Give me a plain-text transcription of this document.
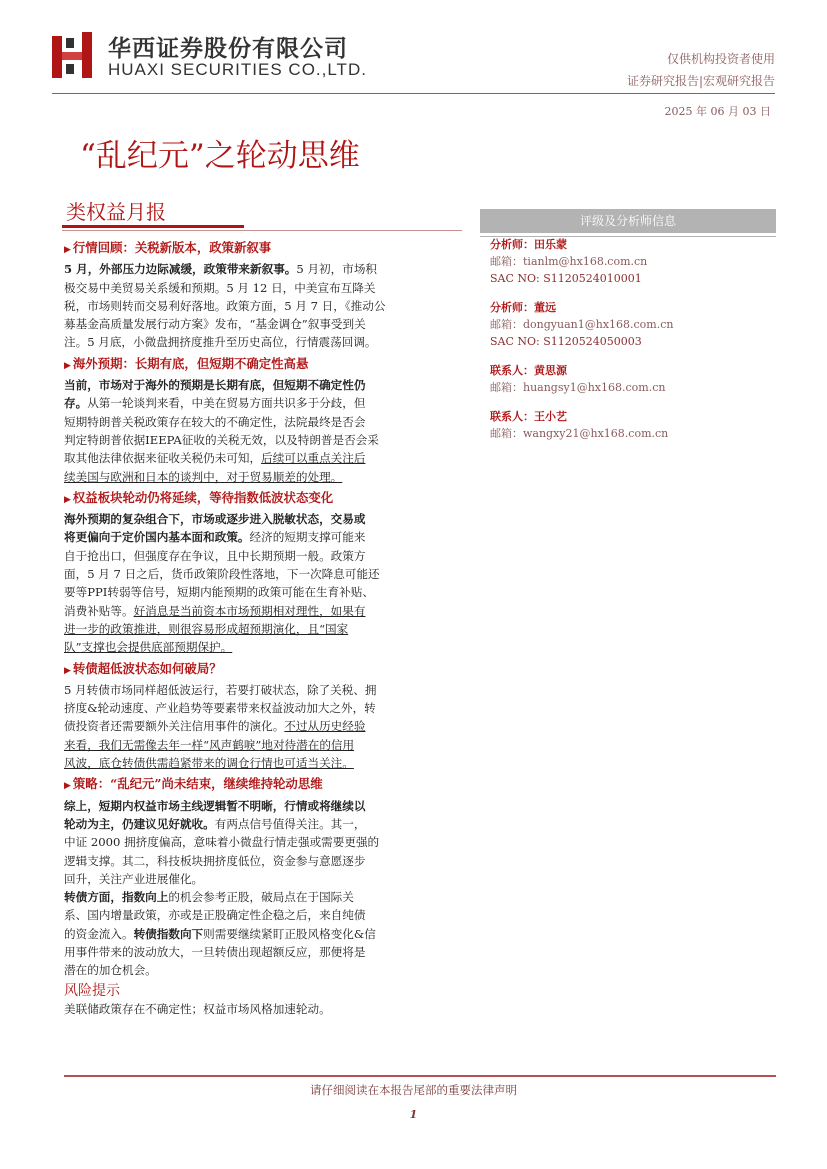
华西证券股份有限公司
HUAXI SECURITIES CO.,LTD.
仅供机构投资者使用
证券研究报告|宏观研究报告
2025 年 06 月 03 日
“乱纪元”之轮动思维
类权益月报
▶ 行情回顾：关税新版本，政策新叙事
5 月，外部压力边际减缓，政策带来新叙事。5 月初，市场积
极交易中美贸易关系缓和预期。5 月 12 日，中美宣布互降关
税，市场则转而交易利好落地。政策方面，5 月 7 日，《推动公
募基金高质量发展行动方案》发布，“基金调仓”叙事受到关
注。5 月底，小微盘拥挤度推升至历史高位，行情震荡回调。
▶ 海外预期：长期有底，但短期不确定性高悬
当前，市场对于海外的预期是长期有底，但短期不确定性仍
存。从第一轮谈判来看，中美在贸易方面共识多于分歧，但
短期特朗普关税政策存在较大的不确定性，法院最终是否会
判定特朗普依据IEEPA征收的关税无效，以及特朗普是否会采
取其他法律依据来征收关税仍未可知，后续可以重点关注后
续美国与欧洲和日本的谈判中，对于贸易顺差的处理。
▶ 权益板块轮动仍将延续，等待指数低波状态变化
海外预期的复杂组合下，市场或逐步进入脱敏状态，交易或
将更偏向于定价国内基本面和政策。经济的短期支撑可能来
自于抢出口，但强度存在争议，且中长期预期一般。政策方
面，5 月 7 日之后，货币政策阶段性落地，下一次降息可能还
要等PPI转弱等信号，短期内能预期的政策可能在生育补贴、
消费补贴等。好消息是当前资本市场预期相对理性，如果有
进一步的政策推进，则很容易形成超预期演化，且“国家
队”支撑也会提供底部预期保护。
▶ 转债超低波状态如何破局？
5 月转债市场同样超低波运行，若要打破状态，除了关税、拥
挤度&轮动速度、产业趋势等要素带来权益波动加大之外，转
债投资者还需要额外关注信用事件的演化。不过从历史经验
来看，我们无需像去年一样“风声鹤唳”地对待潜在的信用
风波，底仓转债供需趋紧带来的调仓行情也可适当关注。
▶ 策略：“乱纪元”尚未结束，继续维持轮动思维
综上，短期内权益市场主线逻辑暂不明晰，行情或将继续以
轮动为主，仍建议见好就收。有两点信号值得关注。其一，
中证 2000 拥挤度偏高，意味着小微盘行情走强或需要更强的
逻辑支撑。其二，科技板块拥挤度低位，资金参与意愿逐步
回升，关注产业进展催化。
转债方面，指数向上的机会参考正股，破局点在于国际关
系、国内增量政策，亦或是正股确定性企稳之后，来自纯债
的资金流入。转债指数向下则需要继续紧盯正股风格变化&信
用事件带来的波动放大，一旦转债出现超额反应，那便将是
潜在的加仓机会。
风险提示
美联储政策存在不确定性；权益市场风格加速轮动。
评级及分析师信息
分析师：田乐蒙
邮箱：tianlm@hx168.com.cn
SAC NO: S1120524010001
分析师：董远
邮箱：dongyuan1@hx168.com.cn
SAC NO: S1120524050003
联系人：黄思源
邮箱：huangsy1@hx168.com.cn
联系人：王小艺
邮箱：wangxy21@hx168.com.cn
请仔细阅读在本报告尾部的重要法律声明
1
